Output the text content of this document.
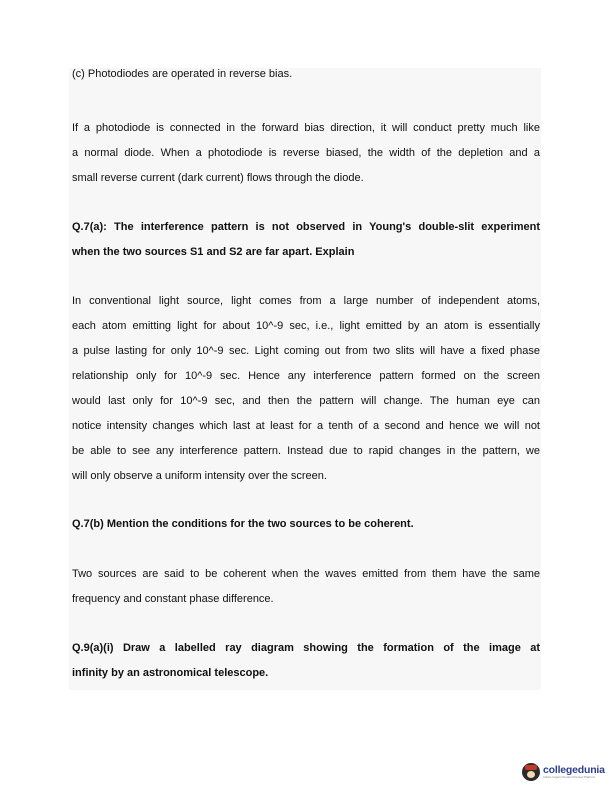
(c) Photodiodes are operated in reverse bias.

If a photodiode is connected in the forward bias direction, it will conduct pretty much like
a normal diode. When a photodiode is reverse biased, the width of the depletion and a
small reverse current (dark current) flows through the diode.

Q.7(a): The interference pattern is not observed in Young's double-slit experiment
when the two sources S1 and S2 are far apart. Explain

In conventional light source, light comes from a large number of independent atoms,
each atom emitting light for about 10^-9 sec, i.e., light emitted by an atom is essentially
a pulse lasting for only 10^-9 sec. Light coming out from two slits will have a fixed phase
relationship only for 10^-9 sec. Hence any interference pattern formed on the screen
would last only for 10^-9 sec, and then the pattern will change. The human eye can
notice intensity changes which last at least for a tenth of a second and hence we will not
be able to see any interference pattern. Instead due to rapid changes in the pattern, we
will only observe a uniform intensity over the screen.

Q.7(b) Mention the conditions for the two sources to be coherent.

Two sources are said to be coherent when the waves emitted from them have the same
frequency and constant phase difference.

Q.9(a)(i) Draw a labelled ray diagram showing the formation of the image at
infinity by an astronomical telescope.

collegedunia
India's largest Student Review Platform
